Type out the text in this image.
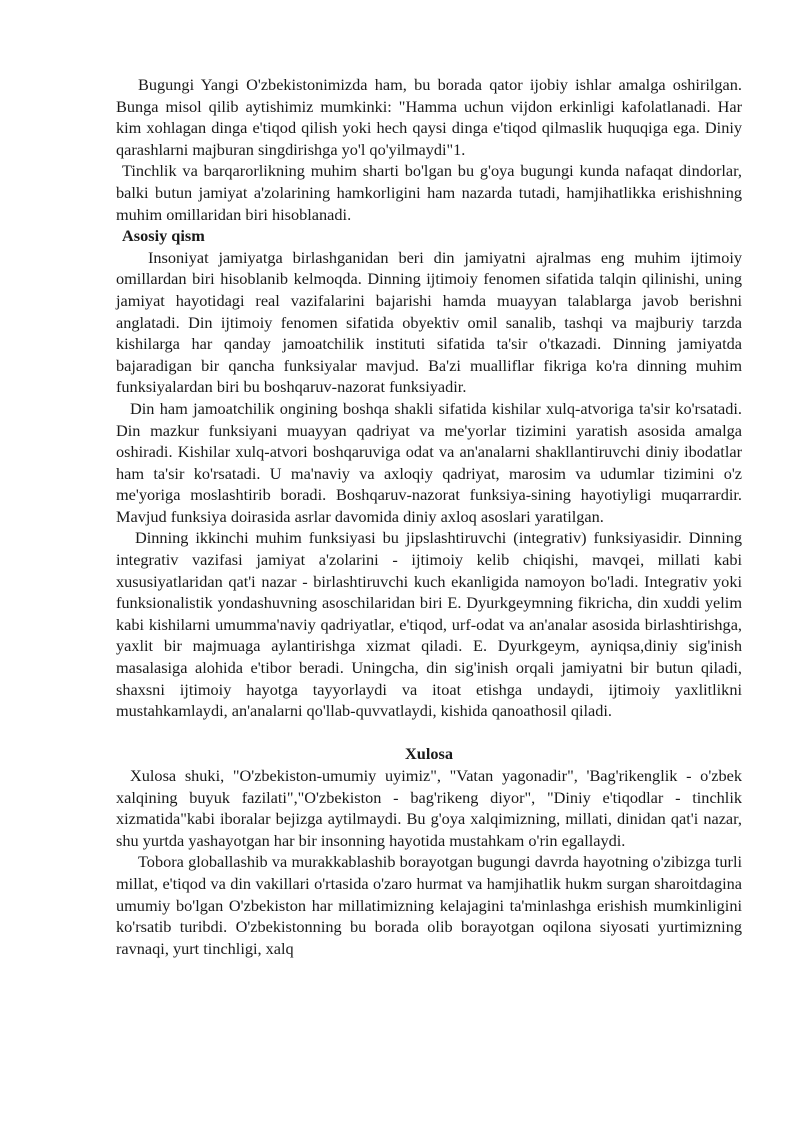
Bugungi Yangi O'zbekistonimizda ham, bu borada qator ijobiy ishlar amalga oshirilgan. Bunga misol qilib aytishimiz mumkinki: "Hamma uchun vijdon erkinligi kafolatlanadi. Har kim xohlagan dinga e'tiqod qilish yoki hech qaysi dinga e'tiqod qilmaslik huquqiga ega. Diniy qarashlarni majburan singdirishga yo'l qo'yilmaydi"1.

Tinchlik va barqarorlikning muhim sharti bo'lgan bu g'oya bugungi kunda nafaqat dindorlar, balki butun jamiyat a'zolarining hamkorligini ham nazarda tutadi, hamjihatlikka erishishning muhim omillaridan biri hisoblanadi.

Asosiy qism

Insoniyat jamiyatga birlashganidan beri din jamiyatni ajralmas eng muhim ijtimoiy omillardan biri hisoblanib kelmoqda. Dinning ijtimoiy fenomen sifatida talqin qilinishi, uning jamiyat hayotidagi real vazifalarini bajarishi hamda muayyan talablarga javob berishni anglatadi. Din ijtimoiy fenomen sifatida obyektiv omil sanalib, tashqi va majburiy tarzda kishilarga har qanday jamoatchilik instituti sifatida ta'sir o'tkazadi. Dinning jamiyatda bajaradigan bir qancha funksiyalar mavjud. Ba'zi mualliflar fikriga ko'ra dinning muhim funksiyalardan biri bu boshqaruv-nazorat funksiyadir.

Din ham jamoatchilik ongining boshqa shakli sifatida kishilar xulq-atvoriga ta'sir ko'rsatadi. Din mazkur funksiyani muayyan qadriyat va me'yorlar tizimini yaratish asosida amalga oshiradi. Kishilar xulq-atvori boshqaruviga odat va an'analarni shakllantiruvchi diniy ibodatlar ham ta'sir ko'rsatadi. U ma'naviy va axloqiy qadriyat, marosim va udumlar tizimini o'z me'yoriga moslashtirib boradi. Boshqaruv-nazorat funksiya-sining hayotiyligi muqarrardir. Mavjud funksiya doirasida asrlar davomida diniy axloq asoslari yaratilgan.

Dinning ikkinchi muhim funksiyasi bu jipslashtiruvchi (integrativ) funksiyasidir. Dinning integrativ vazifasi jamiyat a'zolarini - ijtimoiy kelib chiqishi, mavqei, millati kabi xususiyatlaridan qat'i nazar - birlashtiruvchi kuch ekanligida namoyon bo'ladi. Integrativ yoki funksionalistik yondashuvning asoschilaridan biri E. Dyurkgeymning fikricha, din xuddi yelim kabi kishilarni umumma'naviy qadriyatlar, e'tiqod, urf-odat va an'analar asosida birlashtirishga, yaxlit bir majmuaga aylantirishga xizmat qiladi. E. Dyurkgeym, ayniqsa,diniy sig'inish masalasiga alohida e'tibor beradi. Uningcha, din sig'inish orqali jamiyatni bir butun qiladi, shaxsni ijtimoiy hayotga tayyorlaydi va itoat etishga undaydi, ijtimoiy yaxlitlikni mustahkamlaydi, an'analarni qo'llab-quvvatlaydi, kishida qanoathosil qiladi.

Xulosa

Xulosa shuki, "O'zbekiston-umumiy uyimiz", "Vatan yagonadir", 'Bag'rikenglik - o'zbek xalqining buyuk fazilati","O'zbekiston - bag'rikeng diyor", "Diniy e'tiqodlar - tinchlik xizmatida"kabi iboralar bejizga aytilmaydi. Bu g'oya xalqimizning, millati, dinidan qat'i nazar, shu yurtda yashayotgan har bir insonning hayotida mustahkam o'rin egallaydi.

Tobora globallashib va murakkablashib borayotgan bugungi davrda hayotning o'zibizga turli millat, e'tiqod va din vakillari o'rtasida o'zaro hurmat va hamjihatlik hukm surgan sharoitdagina umumiy bo'lgan O'zbekiston har millatimizning kelajagini ta'minlashga erishish mumkinligini ko'rsatib turibdi. O'zbekistonning bu borada olib borayotgan oqilona siyosati yurtimizning ravnaqi, yurt tinchligi, xalq
